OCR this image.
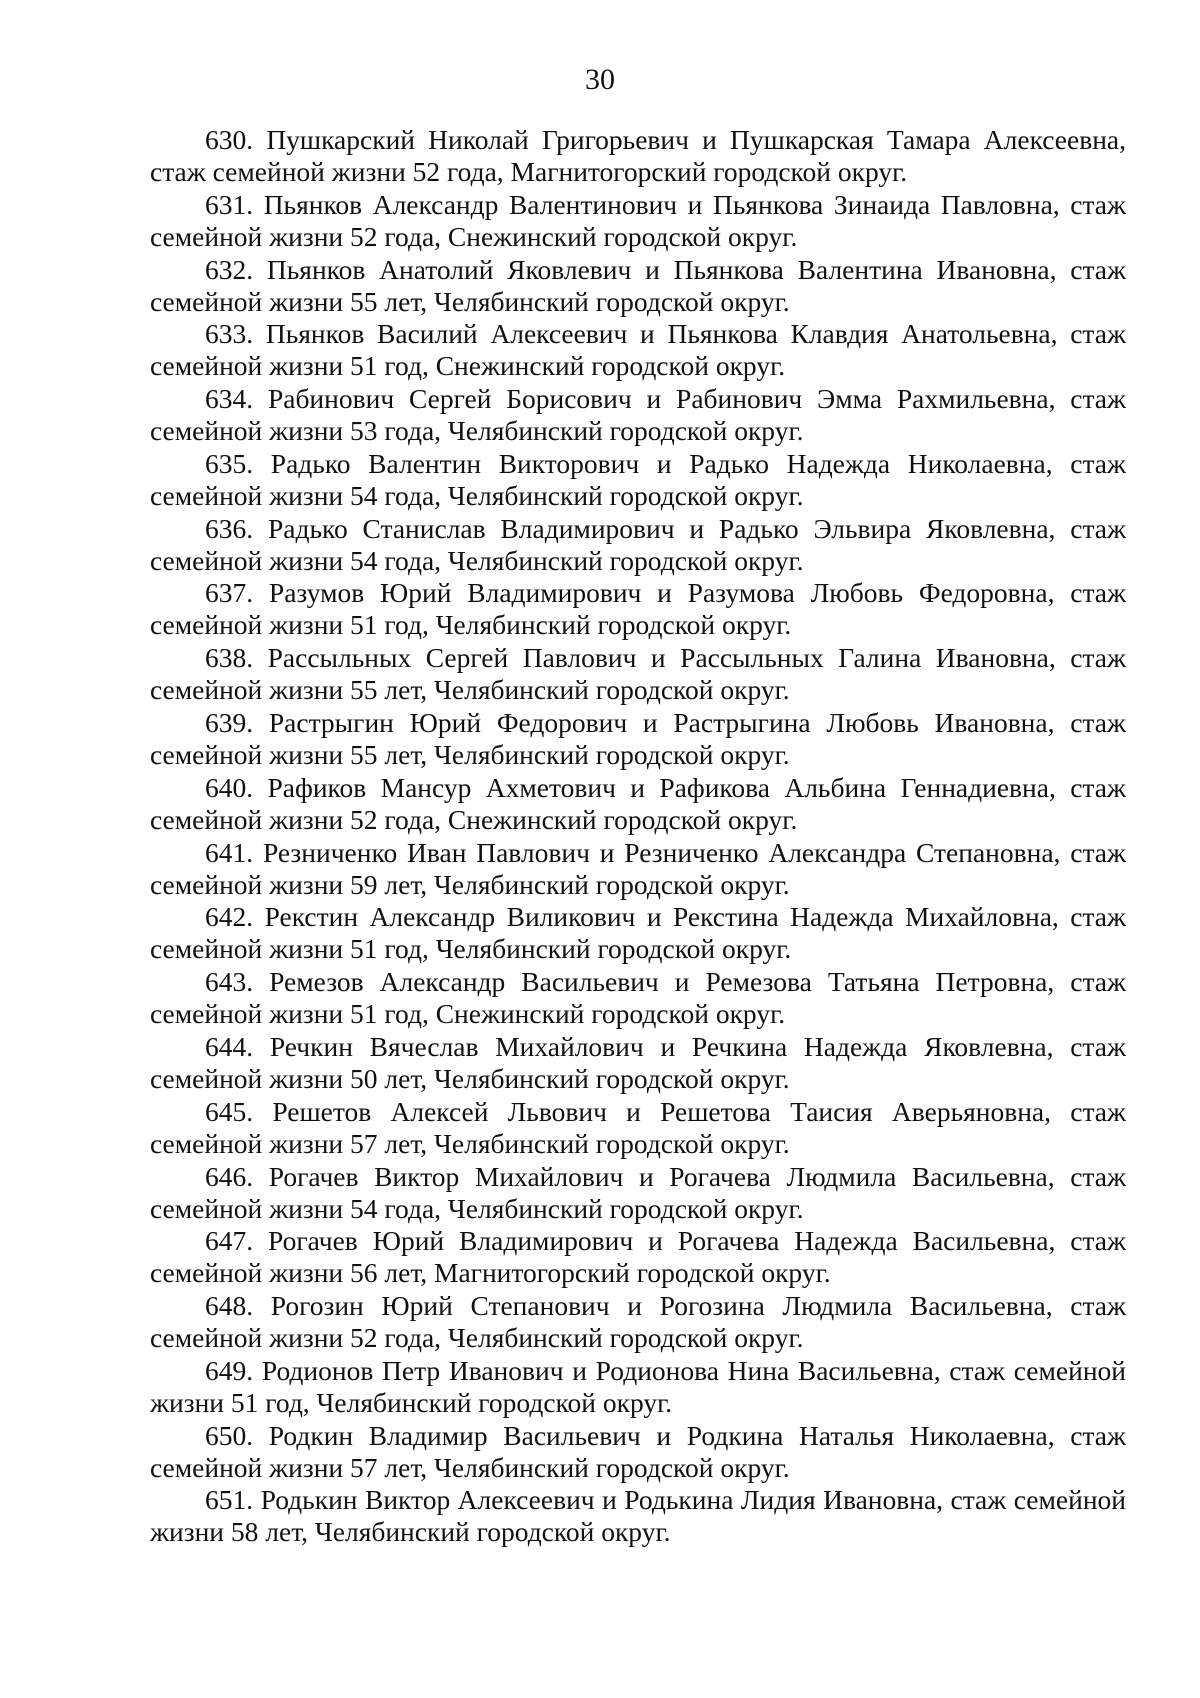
30

630. Пушкарский Николай Григорьевич и Пушкарская Тамара Алексеевна, стаж семейной жизни 52 года, Магнитогорский городской округ.

631. Пьянков Александр Валентинович и Пьянкова Зинаида Павловна, стаж семейной жизни 52 года, Снежинский городской округ.

632. Пьянков Анатолий Яковлевич и Пьянкова Валентина Ивановна, стаж семейной жизни 55 лет, Челябинский городской округ.

633. Пьянков Василий Алексеевич и Пьянкова Клавдия Анатольевна, стаж семейной жизни 51 год, Снежинский городской округ.

634. Рабинович Сергей Борисович и Рабинович Эмма Рахмильевна, стаж семейной жизни 53 года, Челябинский городской округ.

635. Радько Валентин Викторович и Радько Надежда Николаевна, стаж семейной жизни 54 года, Челябинский городской округ.

636. Радько Станислав Владимирович и Радько Эльвира Яковлевна, стаж семейной жизни 54 года, Челябинский городской округ.

637. Разумов Юрий Владимирович и Разумова Любовь Федоровна, стаж семейной жизни 51 год, Челябинский городской округ.

638. Рассыльных Сергей Павлович и Рассыльных Галина Ивановна, стаж семейной жизни 55 лет, Челябинский городской округ.

639. Растрыгин Юрий Федорович и Растрыгина Любовь Ивановна, стаж семейной жизни 55 лет, Челябинский городской округ.

640. Рафиков Мансур Ахметович и Рафикова Альбина Геннадиевна, стаж семейной жизни 52 года, Снежинский городской округ.

641. Резниченко Иван Павлович и Резниченко Александра Степановна, стаж семейной жизни 59 лет, Челябинский городской округ.

642. Рекстин Александр Виликович и Рекстина Надежда Михайловна, стаж семейной жизни 51 год, Челябинский городской округ.

643. Ремезов Александр Васильевич и Ремезова Татьяна Петровна, стаж семейной жизни 51 год, Снежинский городской округ.

644. Речкин Вячеслав Михайлович и Речкина Надежда Яковлевна, стаж семейной жизни 50 лет, Челябинский городской округ.

645. Решетов Алексей Львович и Решетова Таисия Аверьяновна, стаж семейной жизни 57 лет, Челябинский городской округ.

646. Рогачев Виктор Михайлович и Рогачева Людмила Васильевна, стаж семейной жизни 54 года, Челябинский городской округ.

647. Рогачев Юрий Владимирович и Рогачева Надежда Васильевна, стаж семейной жизни 56 лет, Магнитогорский городской округ.

648. Рогозин Юрий Степанович и Рогозина Людмила Васильевна, стаж семейной жизни 52 года, Челябинский городской округ.

649. Родионов Петр Иванович и Родионова Нина Васильевна, стаж семейной жизни 51 год, Челябинский городской округ.

650. Родкин Владимир Васильевич и Родкина Наталья Николаевна, стаж семейной жизни 57 лет, Челябинский городской округ.

651. Родькин Виктор Алексеевич и Родькина Лидия Ивановна, стаж семейной жизни 58 лет, Челябинский городской округ.
